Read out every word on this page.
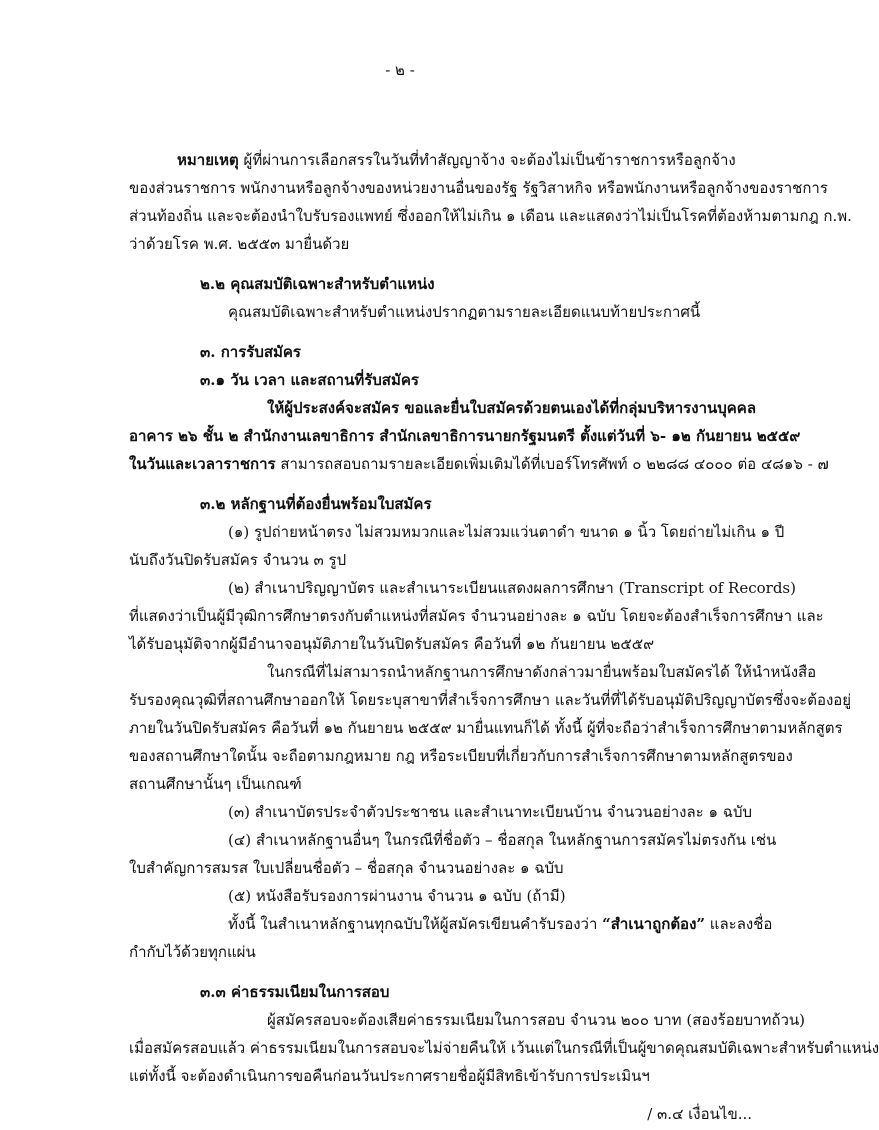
- ๒ -
หมายเหตุ ผู้ที่ผ่านการเลือกสรรในวันที่ทำสัญญาจ้าง จะต้องไม่เป็นข้าราชการหรือลูกจ้าง
ของส่วนราชการ พนักงานหรือลูกจ้างของหน่วยงานอื่นของรัฐ รัฐวิสาหกิจ หรือพนักงานหรือลูกจ้างของราชการ
ส่วนท้องถิ่น และจะต้องนำใบรับรองแพทย์ ซึ่งออกให้ไม่เกิน ๑ เดือน และแสดงว่าไม่เป็นโรคที่ต้องห้ามตามกฎ ก.พ.
ว่าด้วยโรค พ.ศ. ๒๕๕๓ มายื่นด้วย
๒.๒ คุณสมบัติเฉพาะสำหรับตำแหน่ง
คุณสมบัติเฉพาะสำหรับตำแหน่งปรากฏตามรายละเอียดแนบท้ายประกาศนี้
๓. การรับสมัคร
๓.๑ วัน เวลา และสถานที่รับสมัคร
ให้ผู้ประสงค์จะสมัคร ขอและยื่นใบสมัครด้วยตนเองได้ที่กลุ่มบริหารงานบุคคล
อาคาร ๒๖ ชั้น ๒ สำนักงานเลขาธิการ สำนักเลขาธิการนายกรัฐมนตรี ตั้งแต่วันที่ ๖- ๑๒ กันยายน ๒๕๕๙
ในวันและเวลาราชการ สามารถสอบถามรายละเอียดเพิ่มเติมได้ที่เบอร์โทรศัพท์ ๐ ๒๒๘๘ ๔๐๐๐ ต่อ ๔๘๑๖ - ๗
๓.๒ หลักฐานที่ต้องยื่นพร้อมใบสมัคร
(๑) รูปถ่ายหน้าตรง ไม่สวมหมวกและไม่สวมแว่นตาดำ ขนาด ๑ นิ้ว โดยถ่ายไม่เกิน ๑ ปี
นับถึงวันปิดรับสมัคร จำนวน ๓ รูป
(๒) สำเนาปริญญาบัตร และสำเนาระเบียนแสดงผลการศึกษา (Transcript of Records)
ที่แสดงว่าเป็นผู้มีวุฒิการศึกษาตรงกับตำแหน่งที่สมัคร จำนวนอย่างละ ๑ ฉบับ โดยจะต้องสำเร็จการศึกษา และ
ได้รับอนุมัติจากผู้มีอำนาจอนุมัติภายในวันปิดรับสมัคร คือวันที่ ๑๒ กันยายน ๒๕๕๙
ในกรณีที่ไม่สามารถนำหลักฐานการศึกษาดังกล่าวมายื่นพร้อมใบสมัครได้ ให้นำหนังสือ
รับรองคุณวุฒิที่สถานศึกษาออกให้ โดยระบุสาขาที่สำเร็จการศึกษา และวันที่ที่ได้รับอนุมัติปริญญาบัตรซึ่งจะต้องอยู่
ภายในวันปิดรับสมัคร คือวันที่ ๑๒ กันยายน ๒๕๕๙ มายื่นแทนก็ได้ ทั้งนี้ ผู้ที่จะถือว่าสำเร็จการศึกษาตามหลักสูตร
ของสถานศึกษาใดนั้น จะถือตามกฎหมาย กฎ หรือระเบียบที่เกี่ยวกับการสำเร็จการศึกษาตามหลักสูตรของ
สถานศึกษานั้นๆ เป็นเกณฑ์
(๓) สำเนาบัตรประจำตัวประชาชน และสำเนาทะเบียนบ้าน จำนวนอย่างละ ๑ ฉบับ
(๔) สำเนาหลักฐานอื่นๆ ในกรณีที่ชื่อตัว – ชื่อสกุล ในหลักฐานการสมัครไม่ตรงกัน เช่น
ใบสำคัญการสมรส ใบเปลี่ยนชื่อตัว – ชื่อสกุล จำนวนอย่างละ ๑ ฉบับ
(๕) หนังสือรับรองการผ่านงาน จำนวน ๑ ฉบับ (ถ้ามี)
ทั้งนี้ ในสำเนาหลักฐานทุกฉบับให้ผู้สมัครเขียนคำรับรองว่า “สำเนาถูกต้อง” และลงชื่อ
กำกับไว้ด้วยทุกแผ่น
๓.๓ ค่าธรรมเนียมในการสอบ
ผู้สมัครสอบจะต้องเสียค่าธรรมเนียมในการสอบ จำนวน ๒๐๐ บาท (สองร้อยบาทถ้วน)
เมื่อสมัครสอบแล้ว ค่าธรรมเนียมในการสอบจะไม่จ่ายคืนให้ เว้นแต่ในกรณีที่เป็นผู้ขาดคุณสมบัติเฉพาะสำหรับตำแหน่ง
แต่ทั้งนี้ จะต้องดำเนินการขอคืนก่อนวันประกาศรายชื่อผู้มีสิทธิเข้ารับการประเมินฯ
/ ๓.๔ เงื่อนไข...
